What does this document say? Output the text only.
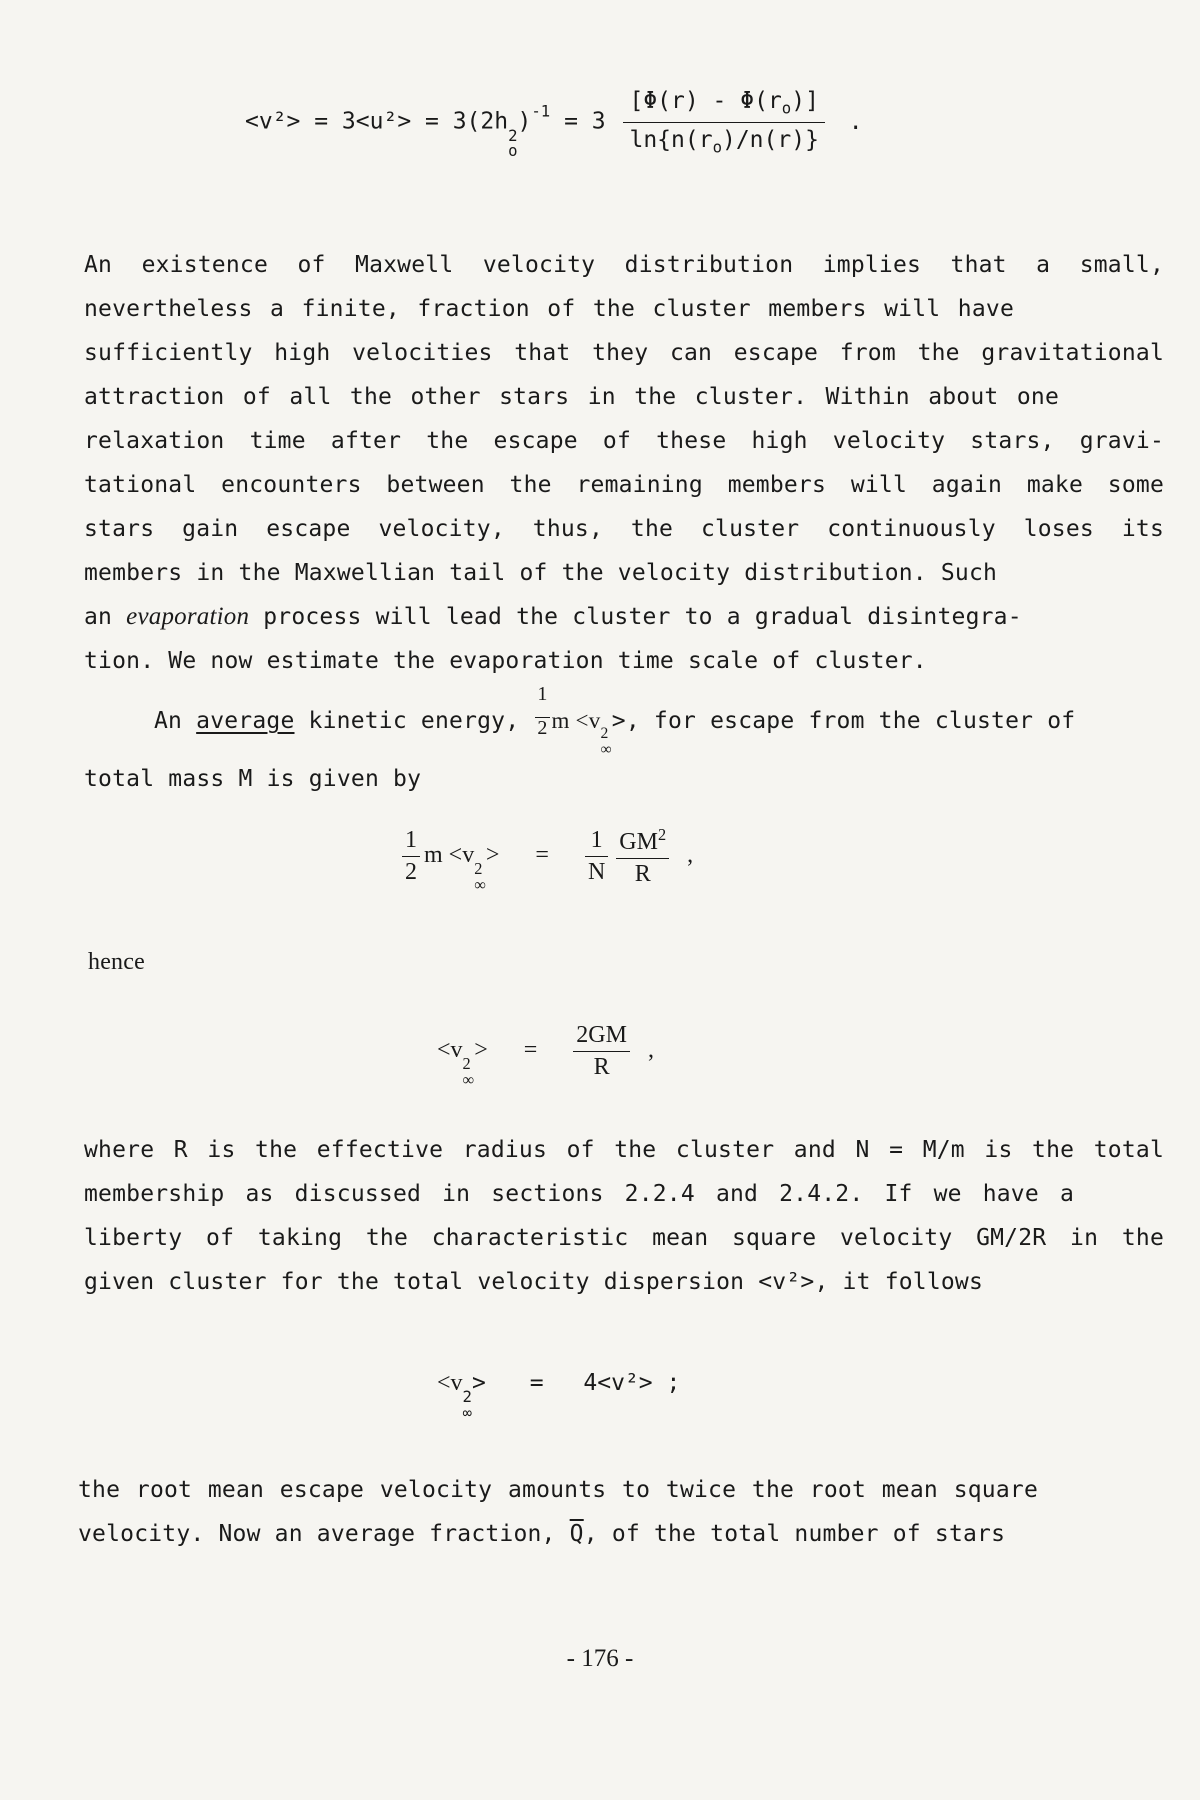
<v²> = 3<u²> = 3(2h
2
o
)$^{-1} = 3 \frac{[\Phi(r) - \Phi(r_o)]}{\ln\{n(r_o)/n(r)\}}$ .
An existence of Maxwell velocity distribution implies that a small,
nevertheless a finite, fraction of the cluster members will have
sufficiently high velocities that they can escape from the gravitational
attraction of all the other stars in the cluster. Within about one
relaxation time after the escape of these high velocity stars, gravi-
tational encounters between the remaining members will again make some
stars gain escape velocity, thus, the cluster continuously loses its
members in the Maxwellian tail of the velocity distribution. Such
an evaporation process will lead the cluster to a gradual disintegra-
tion. We now estimate the evaporation time scale of cluster.
An average kinetic energy, $\frac{1}{2}$ m <v
2
∞
>, for escape from the cluster of
total mass M is given by
$\frac{1}{2}$ m <v
2
∞
> = $\frac{1}{N} \frac{GM^2}{R}$ ,
hence
<v
2
∞
> = $\frac{2GM}{R}$ ,
where R is the effective radius of the cluster and N = M/m is the total
membership as discussed in sections 2.2.4 and 2.4.2. If we have a
liberty of taking the characteristic mean square velocity GM/2R in the
given cluster for the total velocity dispersion <v²>, it follows
<v
2
∞
> = 4<v²> ;
the root mean escape velocity amounts to twice the root mean square
velocity. Now an average fraction, $\overline{Q}$, of the total number of stars
- 176 -
